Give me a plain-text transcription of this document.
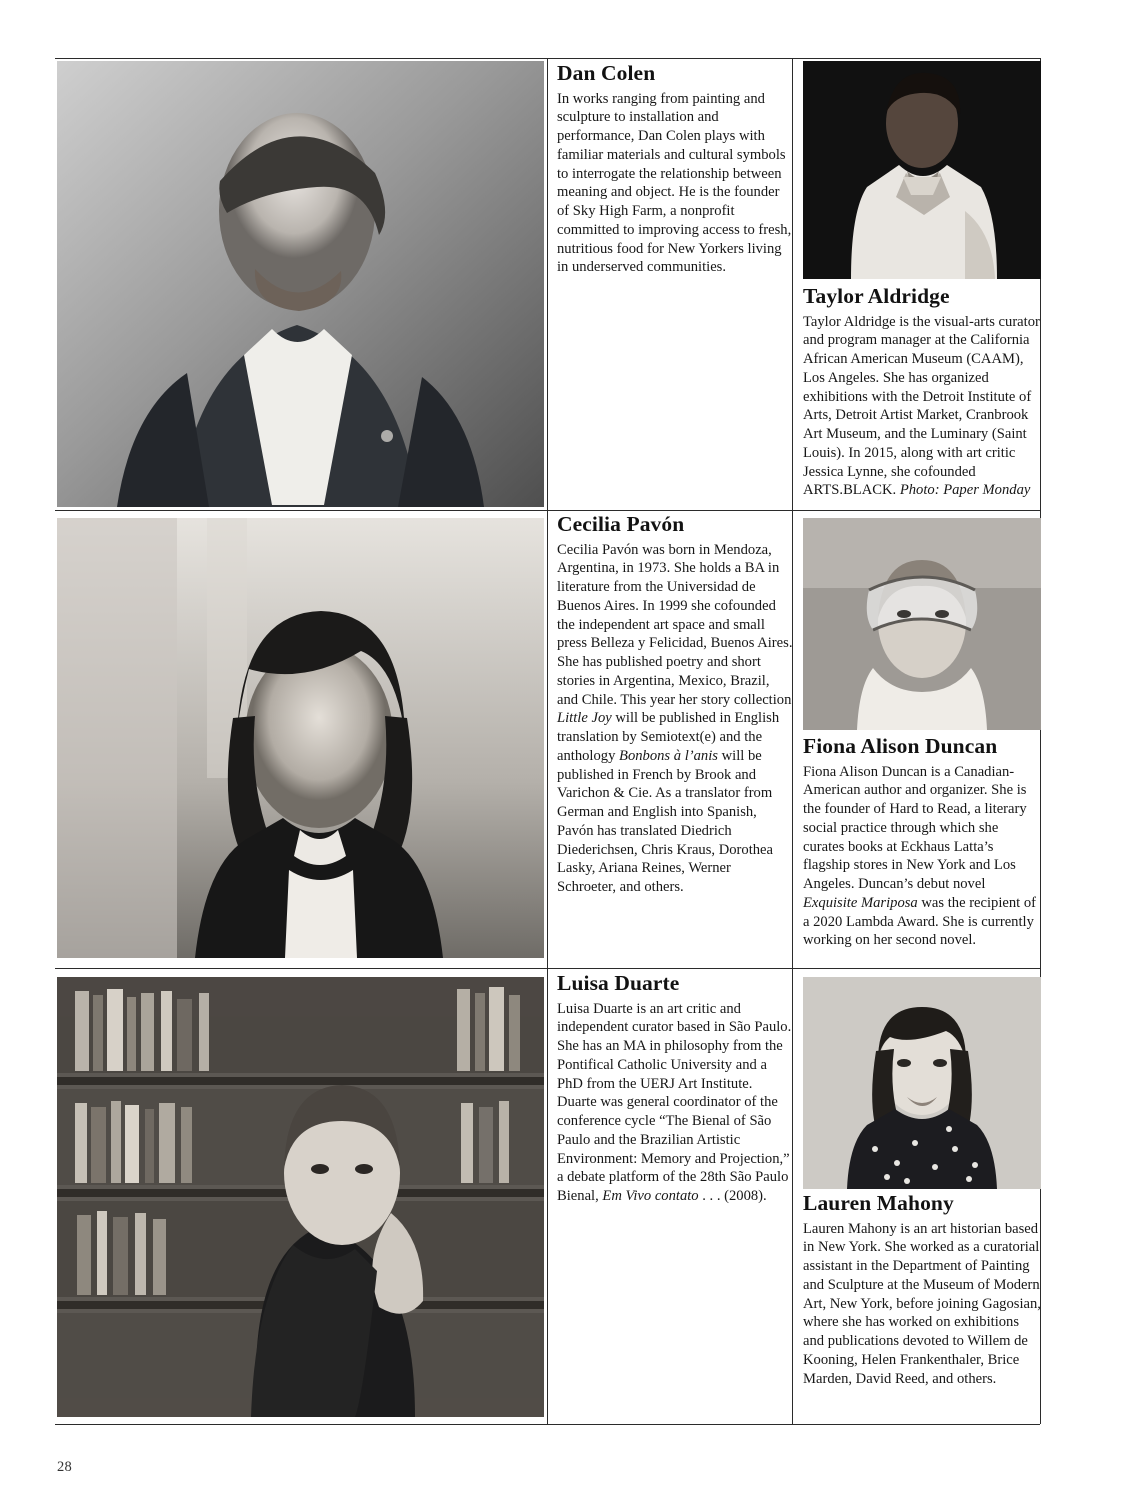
Dan Colen

In works ranging from painting and sculpture to installation and performance, Dan Colen plays with familiar materials and cultural symbols to interrogate the relationship between meaning and object. He is the founder of Sky High Farm, a nonprofit committed to improving access to fresh, nutritious food for New Yorkers living in underserved communities.

Taylor Aldridge

Taylor Aldridge is the visual-arts curator and program manager at the California African American Museum (CAAM), Los Angeles. She has organized exhibitions with the Detroit Institute of Arts, Detroit Artist Market, Cranbrook Art Museum, and the Luminary (Saint Louis). In 2015, along with art critic Jessica Lynne, she cofounded ARTS.BLACK. Photo: Paper Monday

Cecilia Pavón

Cecilia Pavón was born in Mendoza, Argentina, in 1973. She holds a BA in literature from the Universidad de Buenos Aires. In 1999 she cofounded the independent art space and small press Belleza y Felicidad, Buenos Aires. She has published poetry and short stories in Argentina, Mexico, Brazil, and Chile. This year her story collection Little Joy will be published in English translation by Semiotext(e) and the anthology Bonbons à l’anis will be published in French by Brook and Varichon & Cie. As a translator from German and English into Spanish, Pavón has translated Diedrich Diederichsen, Chris Kraus, Dorothea Lasky, Ariana Reines, Werner Schroeter, and others.

Fiona Alison Duncan

Fiona Alison Duncan is a Canadian-American author and organizer. She is the founder of Hard to Read, a literary social practice through which she curates books at Eckhaus Latta’s flagship stores in New York and Los Angeles. Duncan’s debut novel Exquisite Mariposa was the recipient of a 2020 Lambda Award. She is currently working on her second novel.

Luisa Duarte

Luisa Duarte is an art critic and independent curator based in São Paulo. She has an MA in philosophy from the Pontifical Catholic University and a PhD from the UERJ Art Institute. Duarte was general coordinator of the conference cycle “The Bienal of São Paulo and the Brazilian Artistic Environment: Memory and Projection,” a debate platform of the 28th São Paulo Bienal, Em Vivo contato . . . (2008).	Lauren Mahony

Lauren Mahony is an art historian based in New York. She worked as a curatorial assistant in the Department of Painting and Sculpture at the Museum of Modern Art, New York, before joining Gagosian, where she has worked on exhibitions and publications devoted to Willem de Kooning, Helen Frankenthaler, Brice Marden, David Reed, and others.

28
